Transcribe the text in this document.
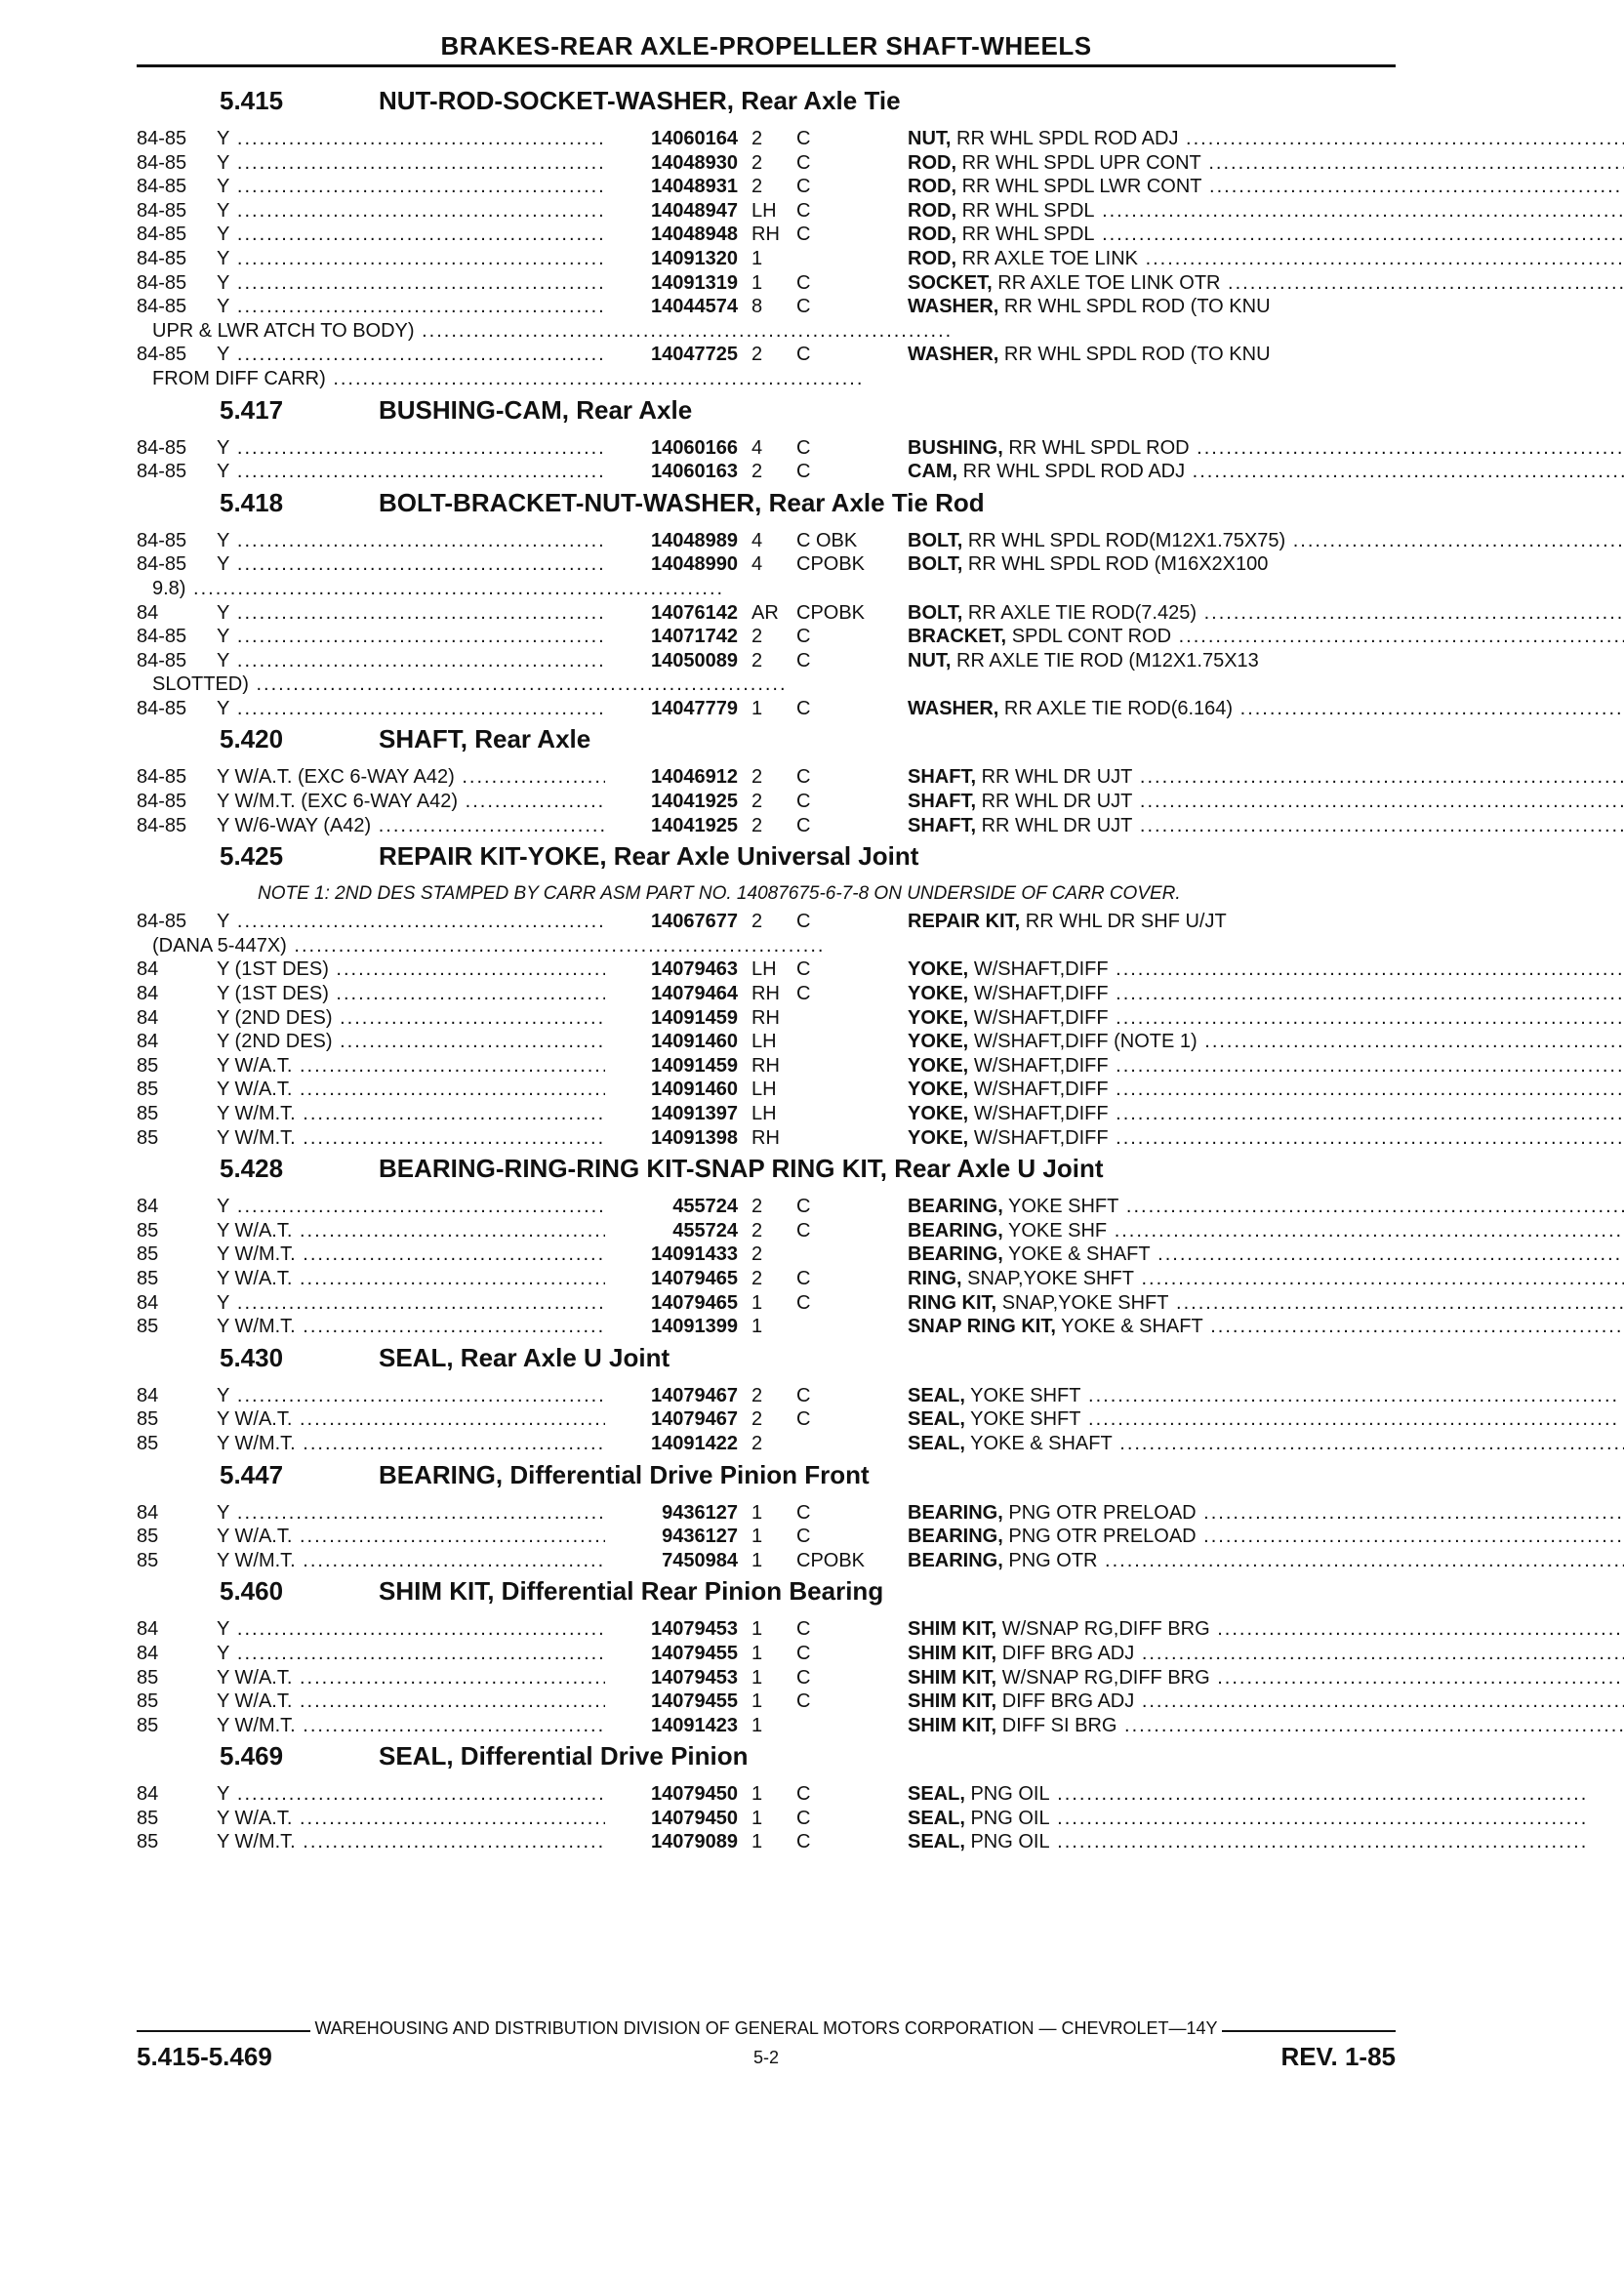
BRAKES-REAR AXLE-PROPELLER SHAFT-WHEELS
5.415	NUT-ROD-SOCKET-WASHER, Rear Axle Tie
84-85	Y .....	14060164 2	C	NUT, RR WHL SPDL ROD ADJ .....
84-85	Y .....	14048930 2	C	ROD, RR WHL SPDL UPR CONT .....
84-85	Y .....	14048931 2	C	ROD, RR WHL SPDL LWR CONT .....
84-85	Y .....	14048947 LH	C	ROD, RR WHL SPDL .....
84-85	Y .....	14048948 RH C	ROD, RR WHL SPDL .....
84-85	Y .....	14091320 1	ROD, RR AXLE TOE LINK .....
84-85	Y .....	14091319 1	C	SOCKET, RR AXLE TOE LINK OTR .....
84-85	Y .....	14044574 8	C	WASHER, RR WHL SPDL ROD (TO KNU
UPR & LWR ATCH TO BODY) .....
84-85	Y .....	14047725 2	C	WASHER, RR WHL SPDL ROD (TO KNU
FROM DIFF CARR) .....
5.417	BUSHING-CAM, Rear Axle
84-85	Y .....	14060166 4	C	BUSHING, RR WHL SPDL ROD .....
84-85	Y .....	14060163 2	C	CAM, RR WHL SPDL ROD ADJ .....
5.418	BOLT-BRACKET-NUT-WASHER, Rear Axle Tie Rod
84-85	Y .....	14048989 4	C OBK	BOLT, RR WHL SPDL ROD(M12X1.75X75) .....
84-85	Y .....	14048990 4	CPOBK	BOLT, RR WHL SPDL ROD (M16X2X100
9.8) .....
84	Y .....	14076142 AR CPOBK	BOLT, RR AXLE TIE ROD(7.425) .....
84-85	Y .....	14071742 2	C	BRACKET, SPDL CONT ROD .....
84-85	Y .....	14050089 2	C	NUT, RR AXLE TIE ROD (M12X1.75X13
SLOTTED) .....
84-85	Y .....	14047779 1	C	WASHER, RR AXLE TIE ROD(6.164) .....
5.420	SHAFT, Rear Axle
84-85	Y W/A.T. (EXC 6-WAY A42) .....	14046912 2	C	SHAFT, RR WHL DR UJT .....
84-85	Y W/M.T. (EXC 6-WAY A42) .....	14041925 2	C	SHAFT, RR WHL DR UJT .....
84-85	Y W/6-WAY (A42) .....	14041925 2	C	SHAFT, RR WHL DR UJT .....
5.425	REPAIR KIT-YOKE, Rear Axle Universal Joint
NOTE 1: 2ND DES STAMPED BY CARR ASM PART NO. 14087675-6-7-8 ON UNDERSIDE OF CARR COVER.
84-85	Y .....	14067677 2	C	REPAIR KIT, RR WHL DR SHF U/JT
(DANA 5-447X) .....
84	Y (1ST DES) .....	14079463 LH	C	YOKE, W/SHAFT,DIFF .....
84	Y (1ST DES) .....	14079464 RH C	YOKE, W/SHAFT,DIFF .....
84	Y (2ND DES) .....	14091459 RH	YOKE, W/SHAFT,DIFF .....
84	Y (2ND DES) .....	14091460 LH	YOKE, W/SHAFT,DIFF (NOTE 1) .....
85	Y W/A.T. .....	14091459 RH	YOKE, W/SHAFT,DIFF .....
85	Y W/A.T. .....	14091460 LH	YOKE, W/SHAFT,DIFF .....
85	Y W/M.T. .....	14091397 LH	YOKE, W/SHAFT,DIFF .....
85	Y W/M.T. .....	14091398 RH	YOKE, W/SHAFT,DIFF .....
5.428	BEARING-RING-RING KIT-SNAP RING KIT, Rear Axle U Joint
84	Y .....	455724 2	C	BEARING, YOKE SHFT .....
85	Y W/A.T. .....	455724 2	C	BEARING, YOKE SHF .....
85	Y W/M.T. .....	14091433 2	BEARING, YOKE & SHAFT .....
85	Y W/A.T. .....	14079465 2	C	RING, SNAP,YOKE SHFT .....
84	Y .....	14079465 1	C	RING KIT, SNAP,YOKE SHFT .....
85	Y W/M.T. .....	14091399 1	SNAP RING KIT, YOKE & SHAFT .....
5.430	SEAL, Rear Axle U Joint
84	Y .....	14079467 2	C	SEAL, YOKE SHFT .....
85	Y W/A.T. .....	14079467 2	C	SEAL, YOKE SHFT .....
85	Y W/M.T. .....	14091422 2	SEAL, YOKE & SHAFT .....
5.447	BEARING, Differential Drive Pinion Front
84	Y .....	9436127 1	C	BEARING, PNG OTR PRELOAD .....
85	Y W/A.T. .....	9436127 1	C	BEARING, PNG OTR PRELOAD .....
85	Y W/M.T. .....	7450984 1	CPOBK	BEARING, PNG OTR .....
5.460	SHIM KIT, Differential Rear Pinion Bearing
84	Y .....	14079453 1	C	SHIM KIT, W/SNAP RG,DIFF BRG .....
84	Y .....	14079455 1	C	SHIM KIT, DIFF BRG ADJ .....
85	Y W/A.T. .....	14079453 1	C	SHIM KIT, W/SNAP RG,DIFF BRG .....
85	Y W/A.T. .....	14079455 1	C	SHIM KIT, DIFF BRG ADJ .....
85	Y W/M.T. .....	14091423 1	SHIM KIT, DIFF SI BRG .....
5.469	SEAL, Differential Drive Pinion
84	Y .....	14079450 1	C	SEAL, PNG OIL .....
85	Y W/A.T. .....	14079450 1	C	SEAL, PNG OIL .....
85	Y W/M.T. .....	14079089 1	C	SEAL, PNG OIL .....
WAREHOUSING AND DISTRIBUTION DIVISION OF GENERAL MOTORS CORPORATION — CHEVROLET—14Y
5.415-5.469	5-2	REV. 1-85
